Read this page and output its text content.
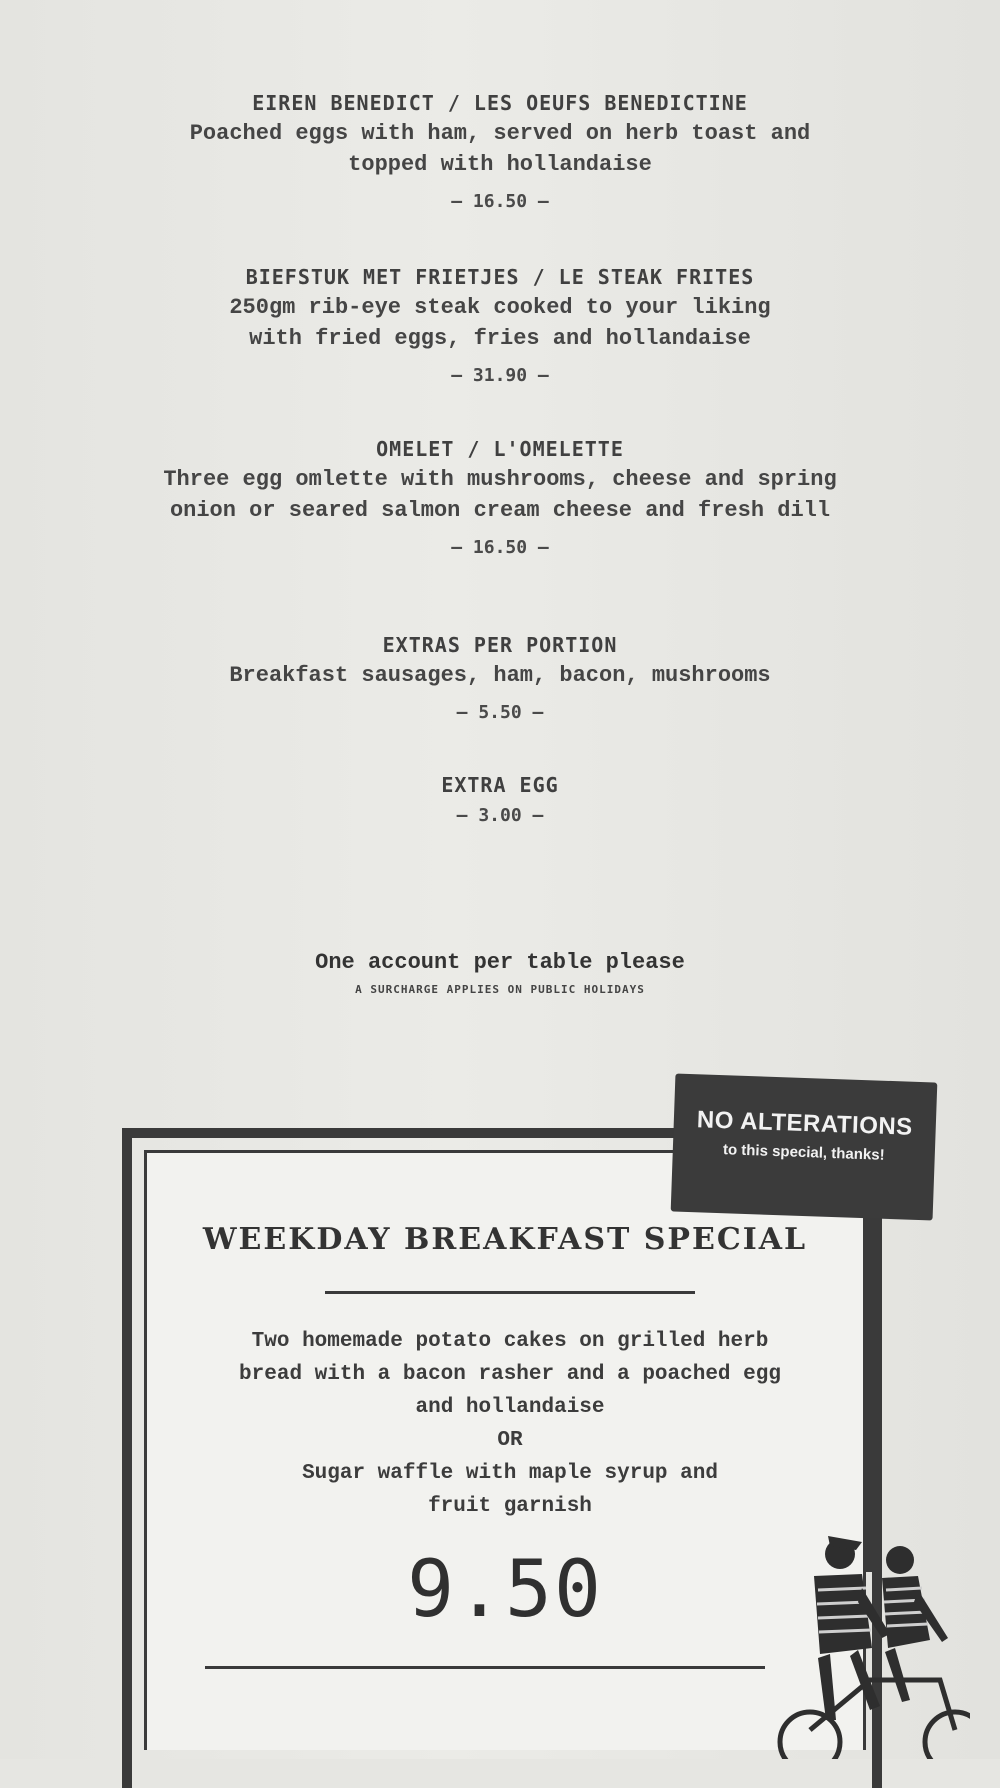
EIREN BENEDICT / LES OEUFS BENEDICTINE
Poached eggs with ham, served on herb toast and
topped with hollandaise
— 16.50 —
BIEFSTUK MET FRIETJES / LE STEAK FRITES
250gm rib-eye steak cooked to your liking
with fried eggs, fries and hollandaise
— 31.90 —
OMELET / L'OMELETTE
Three egg omlette with mushrooms, cheese and spring
onion or seared salmon cream cheese and fresh dill
— 16.50 —
EXTRAS PER PORTION
Breakfast sausages, ham, bacon, mushrooms
— 5.50 —
EXTRA EGG
— 3.00 —
One account per table please
A SURCHARGE APPLIES ON PUBLIC HOLIDAYS
WEEKDAY BREAKFAST SPECIAL
Two homemade potato cakes on grilled herb
bread with a bacon rasher and a poached egg
and hollandaise
OR
Sugar waffle with maple syrup and
fruit garnish
9.50
NO ALTERATIONS
to this special, thanks!
